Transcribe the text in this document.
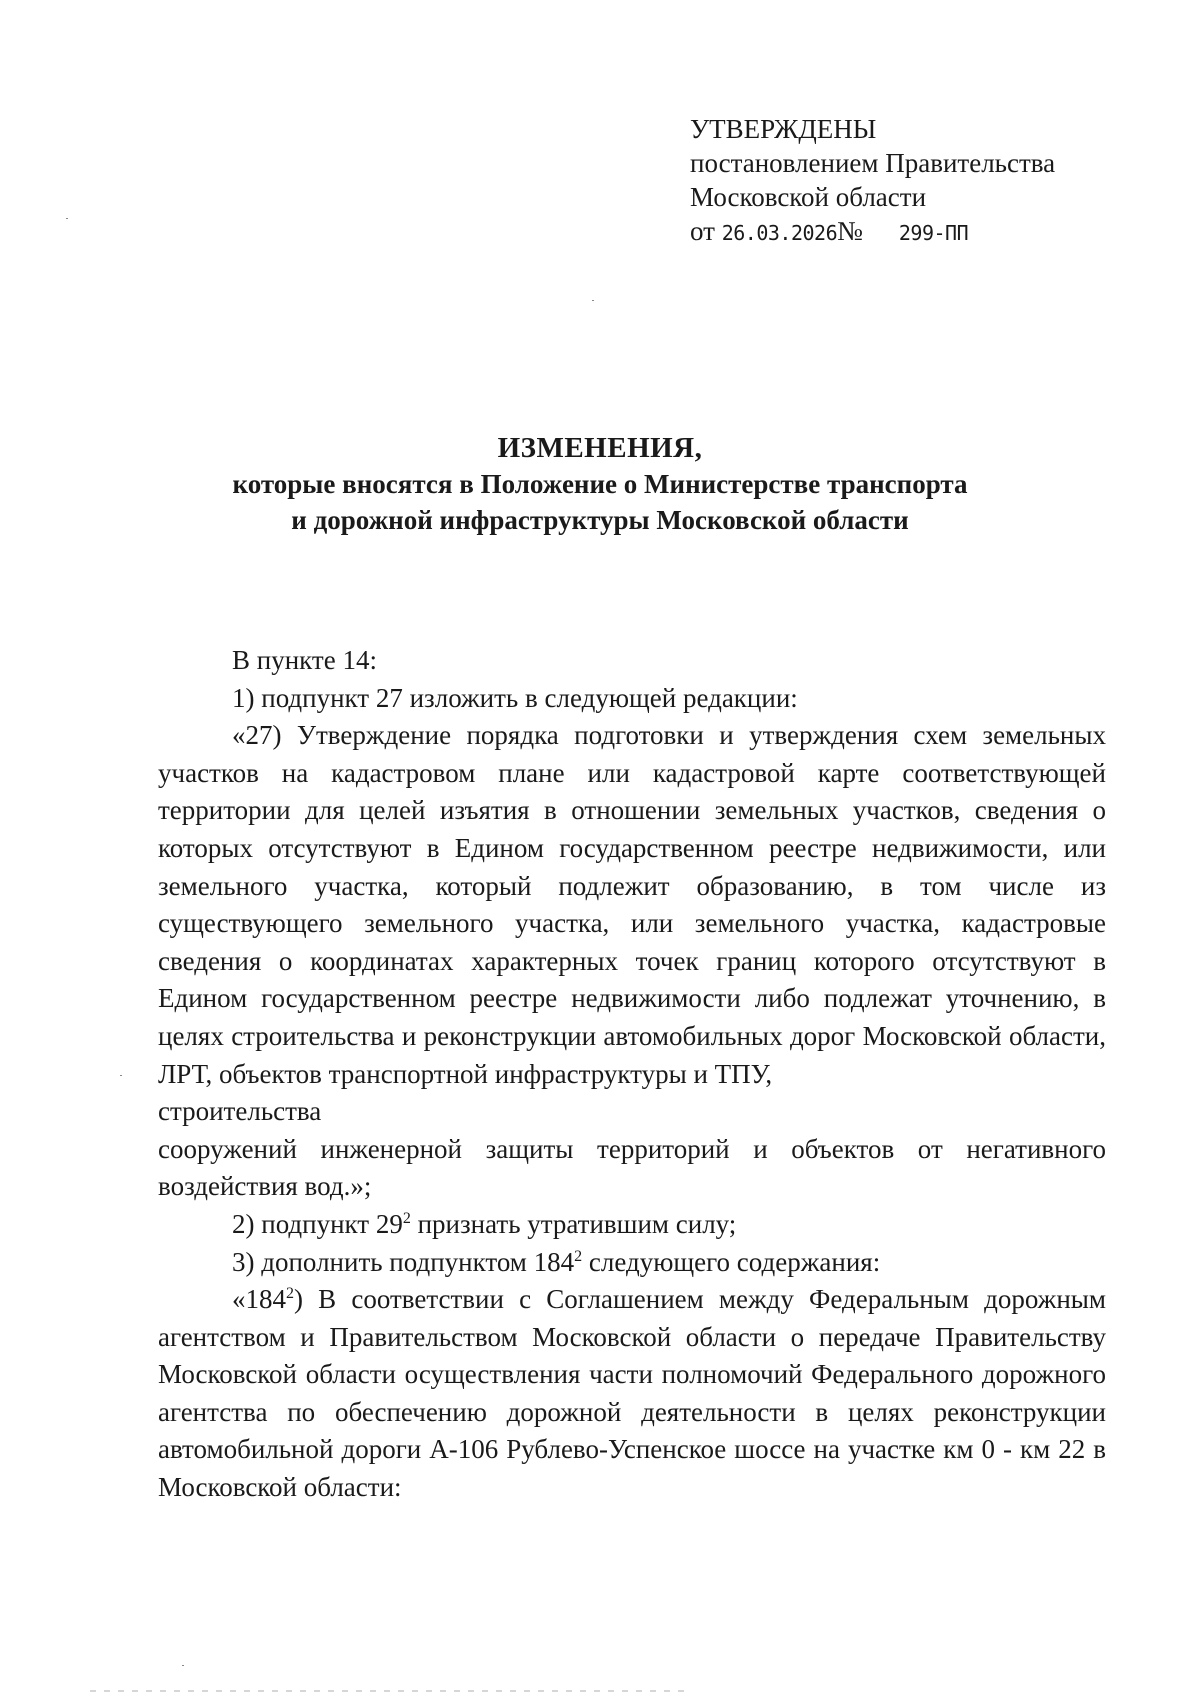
УТВЕРЖДЕНЫ
постановлением Правительства
Московской области
от 26.03.2026№ 299-ПП
ИЗМЕНЕНИЯ,
которые вносятся в Положение о Министерстве транспорта
и дорожной инфраструктуры Московской области

В пункте 14:

1) подпункт 27 изложить в следующей редакции:

«27) Утверждение порядка подготовки и утверждения схем земельных участков на кадастровом плане или кадастровой карте соответствующей территории для целей изъятия в отношении земельных участков, сведения о которых отсутствуют в Едином государственном реестре недвижимости, или земельного участка, который подлежит образованию, в том числе из существующего земельного участка, или земельного участка, кадастровые сведения о координатах характерных точек границ которого отсутствуют в Едином государственном реестре недвижимости либо подлежат уточнению, в целях строительства и реконструкции автомобильных дорог Московской области, ЛРТ, объектов транспортной инфраструктуры и ТПУ,

строительства

сооружений инженерной защиты территорий и объектов от негативного воздействия вод.»;

2) подпункт $29^2$ признать утратившим силу;

3) дополнить подпунктом $184^2$ следующего содержания:

«$184^2$) В соответствии с Соглашением между Федеральным дорожным агентством и Правительством Московской области о передаче Правительству Московской области осуществления части полномочий Федерального дорожного агентства по обеспечению дорожной деятельности в целях реконструкции автомобильной дороги А-106 Рублево-Успенское шоссе на участке км 0 - км 22 в Московской области:
